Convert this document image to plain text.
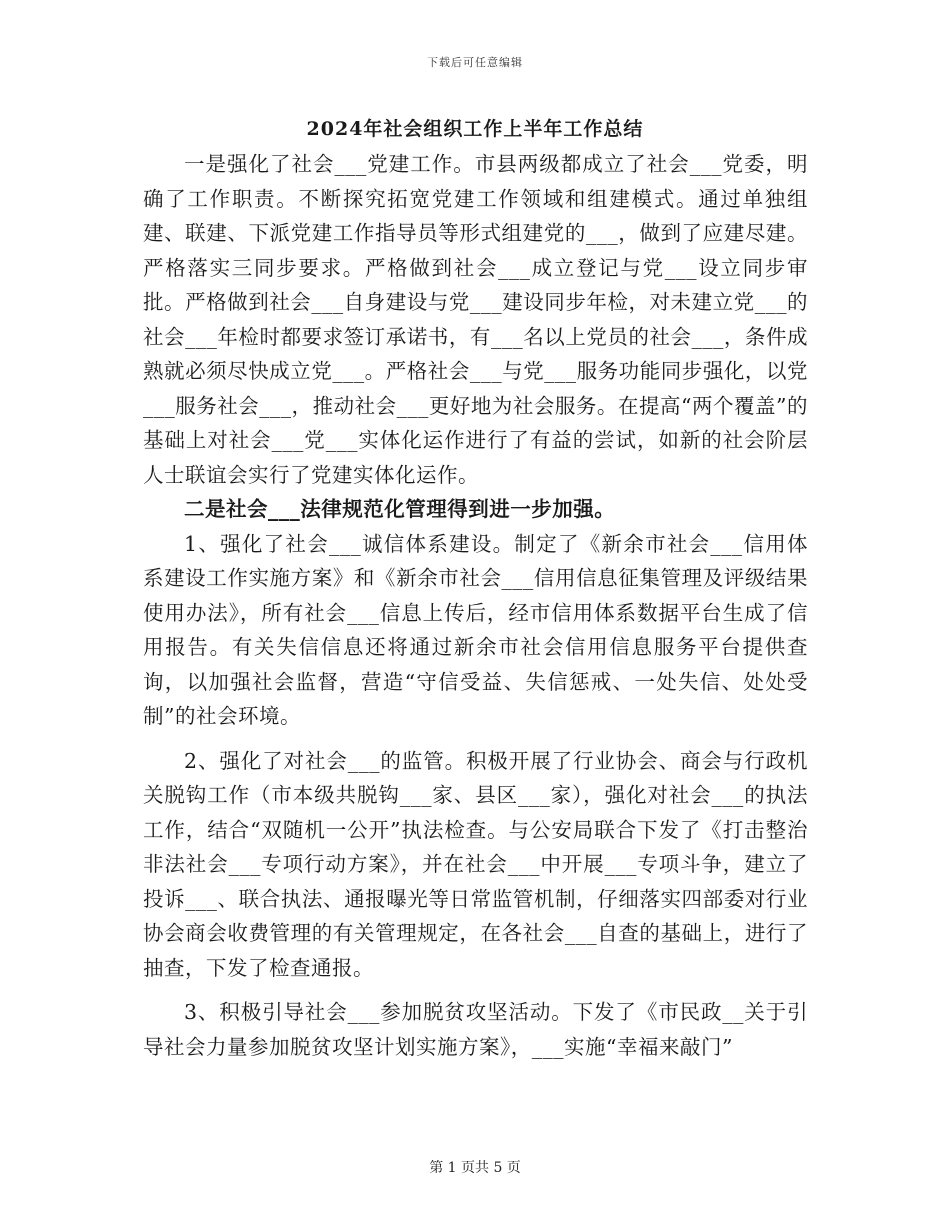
下载后可任意编辑
2024年社会组织工作上半年工作总结

一是强化了社会___党建工作。市县两级都成立了社会___党委，明确了工作职责。不断探究拓宽党建工作领域和组建模式。通过单独组建、联建、下派党建工作指导员等形式组建党的___，做到了应建尽建。严格落实三同步要求。严格做到社会___成立登记与党___设立同步审批。严格做到社会___自身建设与党___建设同步年检，对未建立党___的社会___年检时都要求签订承诺书，有___名以上党员的社会___，条件成熟就必须尽快成立党___。严格社会___与党___服务功能同步强化，以党___服务社会___，推动社会___更好地为社会服务。在提高“两个覆盖”的基础上对社会___党___实体化运作进行了有益的尝试，如新的社会阶层人士联谊会实行了党建实体化运作。

二是社会___法律规范化管理得到进一步加强。

1、强化了社会___诚信体系建设。制定了《新余市社会___信用体系建设工作实施方案》和《新余市社会___信用信息征集管理及评级结果使用办法》，所有社会___信息上传后，经市信用体系数据平台生成了信用报告。有关失信信息还将通过新余市社会信用信息服务平台提供查询，以加强社会监督，营造“守信受益、失信惩戒、一处失信、处处受制”的社会环境。

2、强化了对社会___的监管。积极开展了行业协会、商会与行政机关脱钩工作（市本级共脱钩___家、县区___家），强化对社会___的执法工作，结合“双随机一公开”执法检查。与公安局联合下发了《打击整治非法社会___专项行动方案》，并在社会___中开展___专项斗争，建立了投诉___、联合执法、通报曝光等日常监管机制，仔细落实四部委对行业协会商会收费管理的有关管理规定，在各社会___自查的基础上，进行了抽查，下发了检查通报。

3、积极引导社会___参加脱贫攻坚活动。下发了《市民政__关于引导社会力量参加脱贫攻坚计划实施方案》，___实施“幸福来敲门”

第 1 页共 5 页
